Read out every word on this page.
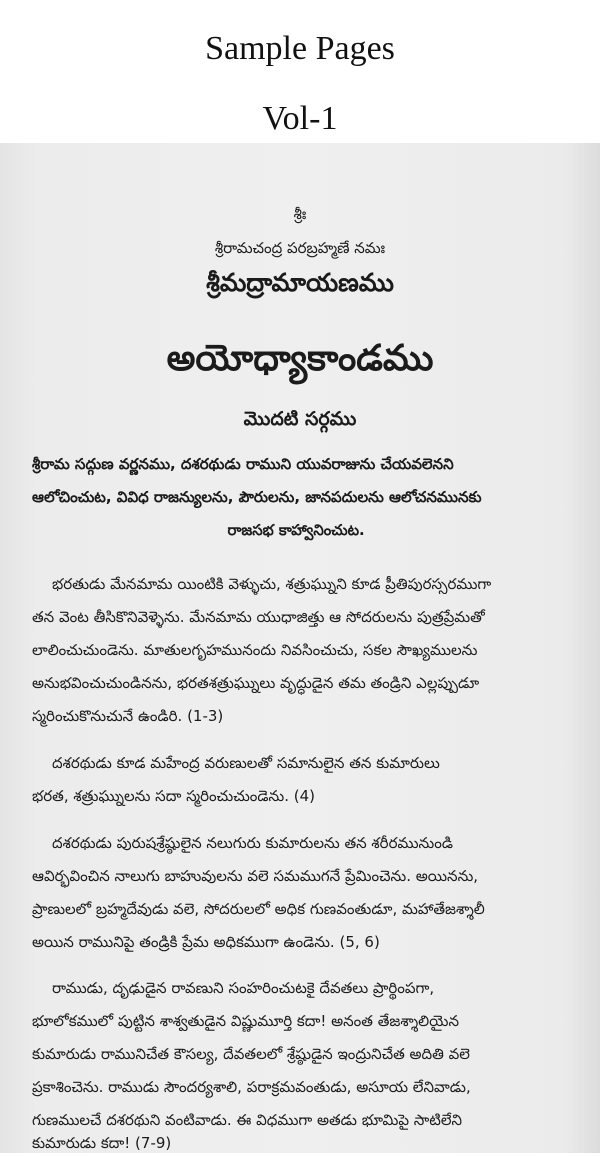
Sample Pages
Vol-1
శ్రీః
శ్రీరామచంద్ర పరబ్రహ్మణే నమః
శ్రీమద్రామాయణము
అయోధ్యాకాండము
మొదటి సర్గము
శ్రీరామ సద్గుణ వర్ణనము, దశరథుడు రాముని యువరాజును చేయవలెనని
ఆలోచించుట, వివిధ రాజన్యులను, పౌరులను, జానపదులను ఆలోచనమునకు
రాజసభ కాహ్వానించుట.
భరతుడు మేనమామ యింటికి వెళ్ళుచు, శత్రుఘ్నుని కూడ ప్రీతిపురస్సరముగా
తన వెంట తీసికొనివెళ్ళెను. మేనమామ యుధాజిత్తు ఆ సోదరులను పుత్రప్రేమతో
లాలించుచుండెను. మాతులగృహమునందు నివసించుచు, సకల సౌఖ్యములను
అనుభవించుచుండినను, భరతశత్రుఘ్నులు వృద్ధుడైన తమ తండ్రిని ఎల్లప్పుడూ
స్మరించుకొనుచునే ఉండిరి. (1-3)
దశరథుడు కూడ మహేంద్ర వరుణులతో సమానులైన తన కుమారులు
భరత, శత్రుఘ్నులను సదా స్మరించుచుండెను. (4)
దశరథుడు పురుషశ్రేష్ఠులైన నలుగురు కుమారులను తన శరీరమునుండి
ఆవిర్భవించిన నాలుగు బాహువులను వలె సమముగనే ప్రేమించెను. అయినను,
ప్రాణులలో బ్రహ్మదేవుడు వలె, సోదరులలో అధిక గుణవంతుడూ, మహాతేజశ్శాలీ
అయిన రామునిపై తండ్రికి ప్రేమ అధికముగా ఉండెను. (5, 6)
రాముడు, దృఢుడైన రావణుని సంహరించుటకై దేవతలు ప్రార్థింపగా,
భూలోకములో పుట్టిన శాశ్వతుడైన విష్ణుమూర్తి కదా! అనంత తేజశ్శాలియైన
కుమారుడు రామునిచేత కౌసల్య, దేవతలలో శ్రేష్ఠుడైన ఇంద్రునిచేత అదితి వలె
ప్రకాశించెను. రాముడు సౌందర్యశాలి, పరాక్రమవంతుడు, అసూయ లేనివాడు,
గుణములచే దశరథుని వంటివాడు. ఈ విధముగా అతడు భూమిపై సాటిలేని
కుమారుడు కదా! (7-9)
